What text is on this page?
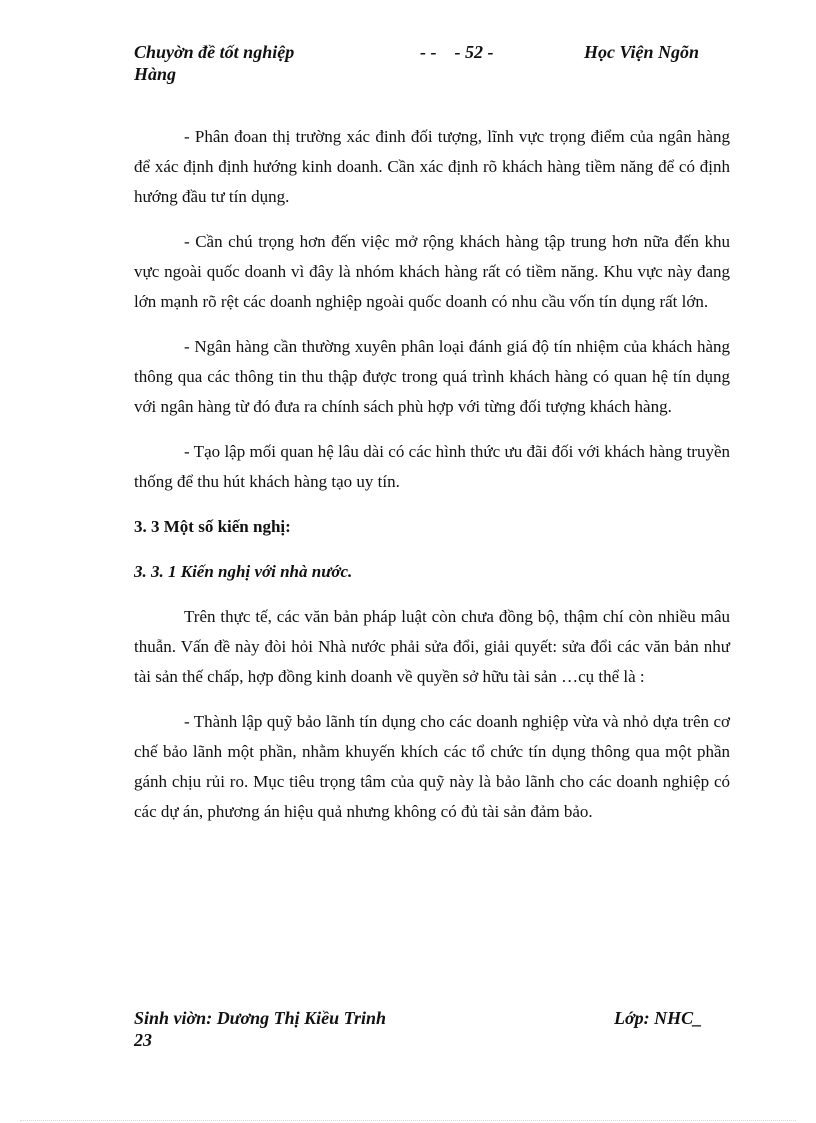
Chuyờn đề tốt nghiệp
Hàng
- -    - 52 -	Học Viện Ngõn

- Phân đoan thị trường xác đinh đối tượng, lĩnh vực trọng điểm của ngân hàng để xác định định hướng kinh doanh. Cần xác định rõ khách hàng tiềm năng để có định hướng đầu tư tín dụng.

- Cần chú trọng hơn đến việc mở rộng khách hàng tập trung hơn nữa đến khu vực ngoài quốc doanh vì đây là nhóm khách hàng rất có tiềm năng. Khu vực này đang lớn mạnh rõ rệt các doanh nghiệp ngoài quốc doanh có nhu cầu vốn tín dụng rất lớn.

- Ngân hàng cần thường xuyên phân loại đánh giá độ tín nhiệm của khách hàng thông qua các thông tin thu thập được trong quá trình khách hàng có quan hệ tín dụng với ngân hàng từ đó đưa ra chính sách phù hợp với từng đối tượng khách hàng.

- Tạo lập mối quan hệ lâu dài có các hình thức ưu đãi đối với khách hàng truyền thống để thu hút khách hàng tạo uy tín.

3. 3 Một số kiến nghị:

3. 3. 1 Kiến nghị với nhà nước.

Trên thực tế, các văn bản pháp luật còn chưa đồng bộ, thậm chí còn nhiều mâu thuẫn. Vấn đề này đòi hỏi Nhà nước phải sửa đổi, giải quyết: sửa đổi các văn bản như tài sản thế chấp, hợp đồng kinh doanh về quyền sở hữu tài sản …cụ thể là :

- Thành lập quỹ bảo lãnh tín dụng cho các doanh nghiệp vừa và nhỏ dựa trên cơ chế bảo lãnh một phần, nhằm khuyến khích các tổ chức tín dụng thông qua một phần gánh chịu rủi ro. Mục tiêu trọng tâm của quỹ này là bảo lãnh cho các doanh nghiệp có các dự án, phương án hiệu quả nhưng không có đủ tài sản đảm bảo.

Sinh viờn: Dương Thị Kiều Trinh
23
Lớp: NHC_
